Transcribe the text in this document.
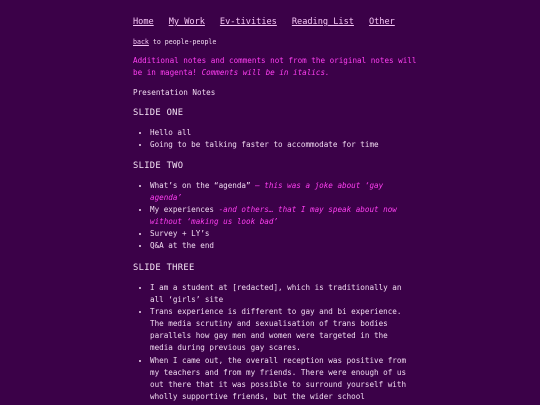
Home My Work Ev-tivities Reading List Other
back to people-people
Additional notes and comments not from the original notes will be in magenta! Comments will be in italics.
Presentation Notes
SLIDE ONE
• Hello all
• Going to be talking faster to accommodate for time
SLIDE TWO
• What’s on the “agenda” – this was a joke about ‘gay agenda’
• My experiences -and others… that I may speak about now without ‘making us look bad’
• Survey + LY’s
• Q&A at the end
SLIDE THREE
• I am a student at [redacted], which is traditionally an all ‘girls’ site
• Trans experience is different to gay and bi experience. The media scrutiny and sexualisation of trans bodies parallels how gay men and women were targeted in the media during previous gay scares.
• When I came out, the overall reception was positive from my teachers and from my friends. There were enough of us out there that it was possible to surround yourself with wholly supportive friends, but the wider school
